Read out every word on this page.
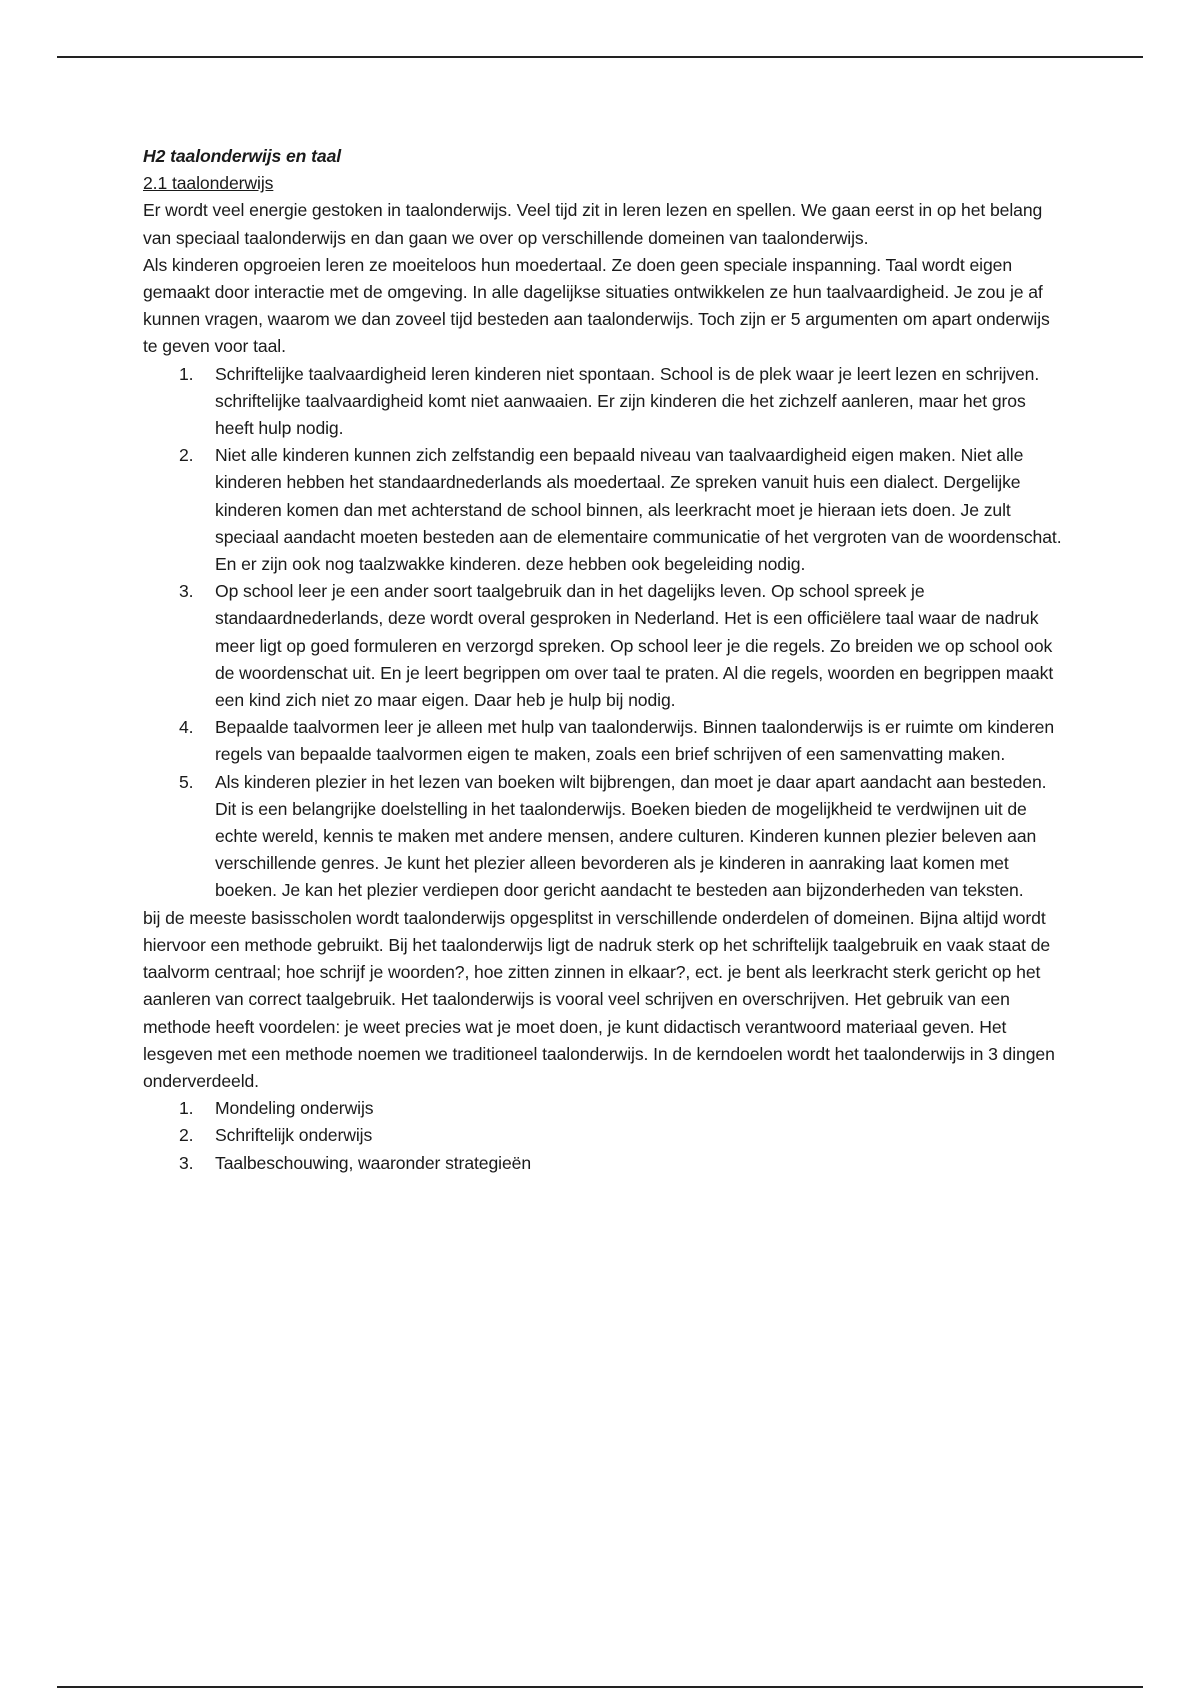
H2 taalonderwijs en taal

2.1 taalonderwijs

Er wordt veel energie gestoken in taalonderwijs. Veel tijd zit in leren lezen en spellen. We gaan eerst in op het belang van speciaal taalonderwijs en dan gaan we over op verschillende domeinen van taalonderwijs.

Als kinderen opgroeien leren ze moeiteloos hun moedertaal. Ze doen geen speciale inspanning. Taal wordt eigen gemaakt door interactie met de omgeving. In alle dagelijkse situaties ontwikkelen ze hun taalvaardigheid. Je zou je af kunnen vragen, waarom we dan zoveel tijd besteden aan taalonderwijs. Toch zijn er 5 argumenten om apart onderwijs te geven voor taal.

1. Schriftelijke taalvaardigheid leren kinderen niet spontaan. School is de plek waar je leert lezen en schrijven. schriftelijke taalvaardigheid komt niet aanwaaien. Er zijn kinderen die het zichzelf aanleren, maar het gros heeft hulp nodig.
2. Niet alle kinderen kunnen zich zelfstandig een bepaald niveau van taalvaardigheid eigen maken. Niet alle kinderen hebben het standaardnederlands als moedertaal. Ze spreken vanuit huis een dialect. Dergelijke kinderen komen dan met achterstand de school binnen, als leerkracht moet je hieraan iets doen. Je zult speciaal aandacht moeten besteden aan de elementaire communicatie of het vergroten van de woordenschat. En er zijn ook nog taalzwakke kinderen. deze hebben ook begeleiding nodig.
3. Op school leer je een ander soort taalgebruik dan in het dagelijks leven. Op school spreek je standaardnederlands, deze wordt overal gesproken in Nederland. Het is een officiëlere taal waar de nadruk meer ligt op goed formuleren en verzorgd spreken. Op school leer je die regels. Zo breiden we op school ook de woordenschat uit. En je leert begrippen om over taal te praten. Al die regels, woorden en begrippen maakt een kind zich niet zo maar eigen. Daar heb je hulp bij nodig.
4. Bepaalde taalvormen leer je alleen met hulp van taalonderwijs. Binnen taalonderwijs is er ruimte om kinderen regels van bepaalde taalvormen eigen te maken, zoals een brief schrijven of een samenvatting maken.
5. Als kinderen plezier in het lezen van boeken wilt bijbrengen, dan moet je daar apart aandacht aan besteden. Dit is een belangrijke doelstelling in het taalonderwijs. Boeken bieden de mogelijkheid te verdwijnen uit de echte wereld, kennis te maken met andere mensen, andere culturen. Kinderen kunnen plezier beleven aan verschillende genres. Je kunt het plezier alleen bevorderen als je kinderen in aanraking laat komen met boeken. Je kan het plezier verdiepen door gericht aandacht te besteden aan bijzonderheden van teksten.

bij de meeste basisscholen wordt taalonderwijs opgesplitst in verschillende onderdelen of domeinen. Bijna altijd wordt hiervoor een methode gebruikt. Bij het taalonderwijs ligt de nadruk sterk op het schriftelijk taalgebruik en vaak staat de taalvorm centraal; hoe schrijf je woorden?, hoe zitten zinnen in elkaar?, ect. je bent als leerkracht sterk gericht op het aanleren van correct taalgebruik. Het taalonderwijs is vooral veel schrijven en overschrijven. Het gebruik van een methode heeft voordelen: je weet precies wat je moet doen, je kunt didactisch verantwoord materiaal geven. Het lesgeven met een methode noemen we traditioneel taalonderwijs. In de kerndoelen wordt het taalonderwijs in 3 dingen onderverdeeld.

1. Mondeling onderwijs
2. Schriftelijk onderwijs
3. Taalbeschouwing, waaronder strategieën
